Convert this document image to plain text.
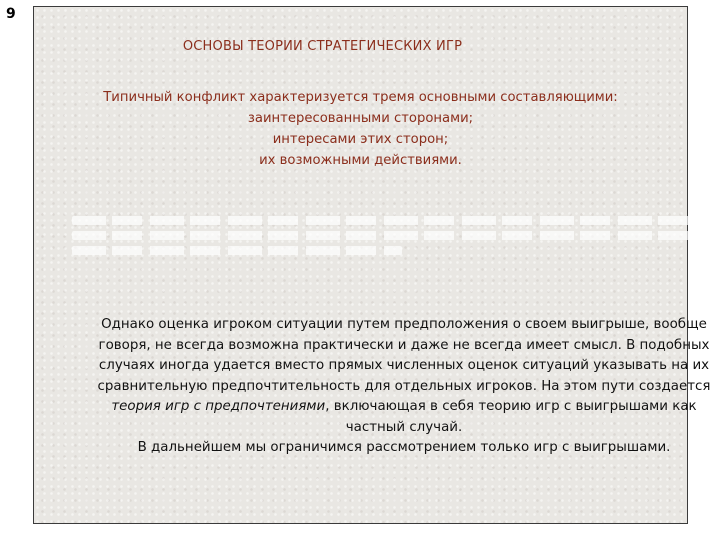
9
ОСНОВЫ ТЕОРИИ СТРАТЕГИЧЕСКИХ ИГР
Типичный конфликт характеризуется тремя основными составляющими:
заинтересованными сторонами;
интересами этих сторон;
их возможными действиями.

Однако оценка игроком ситуации путем предположения о своем выигрыше, вообще говоря, не всегда возможна практически и даже не всегда имеет смысл. В подобных случаях иногда удается вместо прямых численных оценок ситуаций указывать на их сравнительную предпочтительность для отдельных игроков. На этом пути создается теория игр с предпочтениями, включающая в себя теорию игр с выигрышами как частный случай.

В дальнейшем мы ограничимся рассмотрением только игр с выигрышами.
